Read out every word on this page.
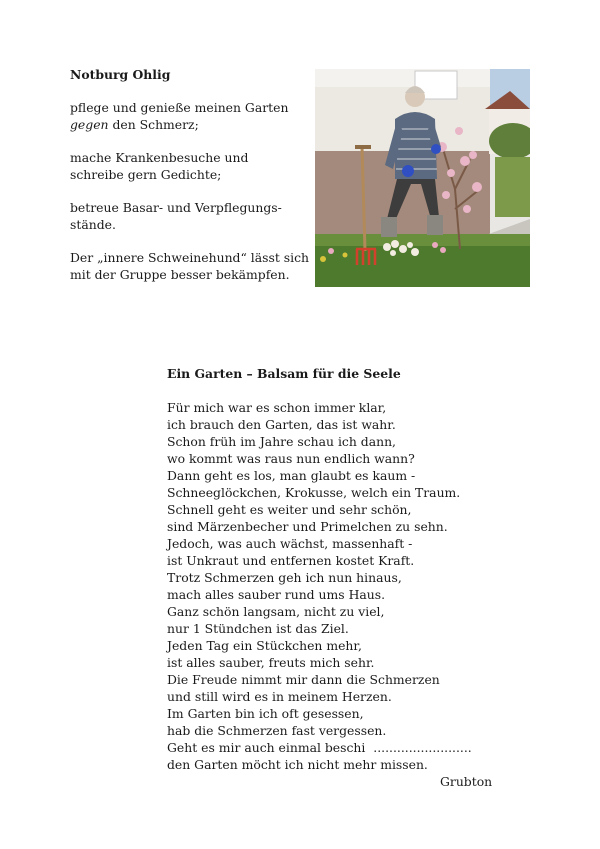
Notburg Ohlig

pflege und genieße meinen Garten
gegen den Schmerz;

mache Krankenbesuche und
schreibe gern Gedichte;

betreue Basar- und Verpflegungs-
stände.

Der „innere Schweinehund“ lässt sich
mit der Gruppe besser bekämpfen.

Ein Garten – Balsam für die Seele
Für mich war es schon immer klar,
ich brauch den Garten, das ist wahr.
Schon früh im Jahre schau ich dann,
wo kommt was raus nun endlich wann?
Dann geht es los, man glaubt es kaum -
Schneeglöckchen, Krokusse, welch ein Traum.
Schnell geht es weiter und sehr schön,
sind Märzenbecher und Primelchen zu sehn.
Jedoch, was auch wächst, massenhaft -
ist Unkraut und entfernen kostet Kraft.
Trotz Schmerzen geh ich nun hinaus,
mach alles sauber rund ums Haus.
Ganz schön langsam, nicht zu viel,
nur 1 Stündchen ist das Ziel.
Jeden Tag ein Stückchen mehr,
ist alles sauber, freuts mich sehr.
Die Freude nimmt mir dann die Schmerzen
und still wird es in meinem Herzen.
Im Garten bin ich oft gesessen,
hab die Schmerzen fast vergessen.
Geht es mir auch einmal beschi .........................
den Garten möcht ich nicht mehr missen.
Grubton
